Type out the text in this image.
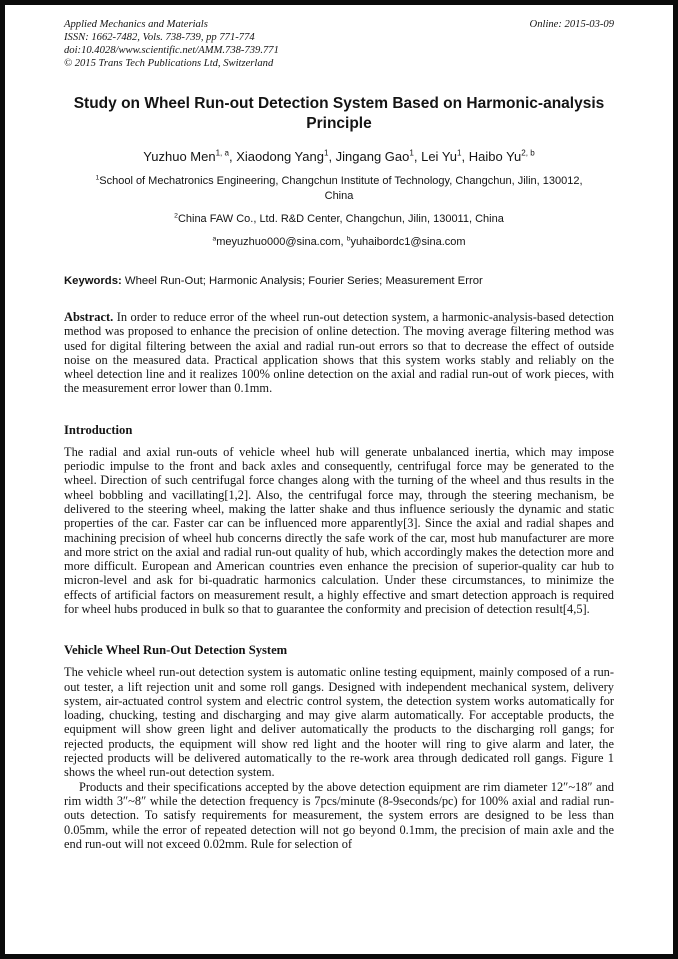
Applied Mechanics and Materials
ISSN: 1662-7482, Vols. 738-739, pp 771-774
doi:10.4028/www.scientific.net/AMM.738-739.771
© 2015 Trans Tech Publications Ltd, Switzerland
Online: 2015-03-09
Study on Wheel Run-out Detection System Based on Harmonic-analysis Principle
Yuzhuo Men$^{1, a}$, Xiaodong Yang$^1$, Jingang Gao$^1$, Lei Yu$^1$, Haibo Yu$^{2, b}$
$^1$School of Mechatronics Engineering, Changchun Institute of Technology, Changchun, Jilin, 130012, China
$^2$China FAW Co., Ltd. R&D Center, Changchun, Jilin, 130011, China
$^a$meyuzhuo000@sina.com, $^b$yuhaibordc1@sina.com
Keywords: Wheel Run-Out; Harmonic Analysis; Fourier Series; Measurement Error

Abstract. In order to reduce error of the wheel run-out detection system, a harmonic-analysis-based detection method was proposed to enhance the precision of online detection. The moving average filtering method was used for digital filtering between the axial and radial run-out errors so that to decrease the effect of outside noise on the measured data. Practical application shows that this system works stably and reliably on the wheel detection line and it realizes 100% online detection on the axial and radial run-out of work pieces, with the measurement error lower than 0.1mm.

Introduction

The radial and axial run-outs of vehicle wheel hub will generate unbalanced inertia, which may impose periodic impulse to the front and back axles and consequently, centrifugal force may be generated to the wheel. Direction of such centrifugal force changes along with the turning of the wheel and thus results in the wheel bobbling and vacillating[1,2]. Also, the centrifugal force may, through the steering mechanism, be delivered to the steering wheel, making the latter shake and thus influence seriously the dynamic and static properties of the car. Faster car can be influenced more apparently[3]. Since the axial and radial shapes and machining precision of wheel hub concerns directly the safe work of the car, most hub manufacturer are more and more strict on the axial and radial run-out quality of hub, which accordingly makes the detection more and more difficult. European and American countries even enhance the precision of superior-quality car hub to micron-level and ask for bi-quadratic harmonics calculation. Under these circumstances, to minimize the effects of artificial factors on measurement result, a highly effective and smart detection approach is required for wheel hubs produced in bulk so that to guarantee the conformity and precision of detection result[4,5].

Vehicle Wheel Run-Out Detection System

The vehicle wheel run-out detection system is automatic online testing equipment, mainly composed of a run-out tester, a lift rejection unit and some roll gangs. Designed with independent mechanical system, delivery system, air-actuated control system and electric control system, the detection system works automatically for loading, chucking, testing and discharging and may give alarm automatically. For acceptable products, the equipment will show green light and deliver automatically the products to the discharging roll gangs; for rejected products, the equipment will show red light and the hooter will ring to give alarm and later, the rejected products will be delivered automatically to the re-work area through dedicated roll gangs. Figure 1 shows the wheel run-out detection system.

Products and their specifications accepted by the above detection equipment are rim diameter 12″~18″ and rim width 3″~8″ while the detection frequency is 7pcs/minute (8-9seconds/pc) for 100% axial and radial run-outs detection. To satisfy requirements for measurement, the system errors are designed to be less than 0.05mm, while the error of repeated detection will not go beyond 0.1mm, the precision of main axle and the end run-out will not exceed 0.02mm. Rule for selection of
